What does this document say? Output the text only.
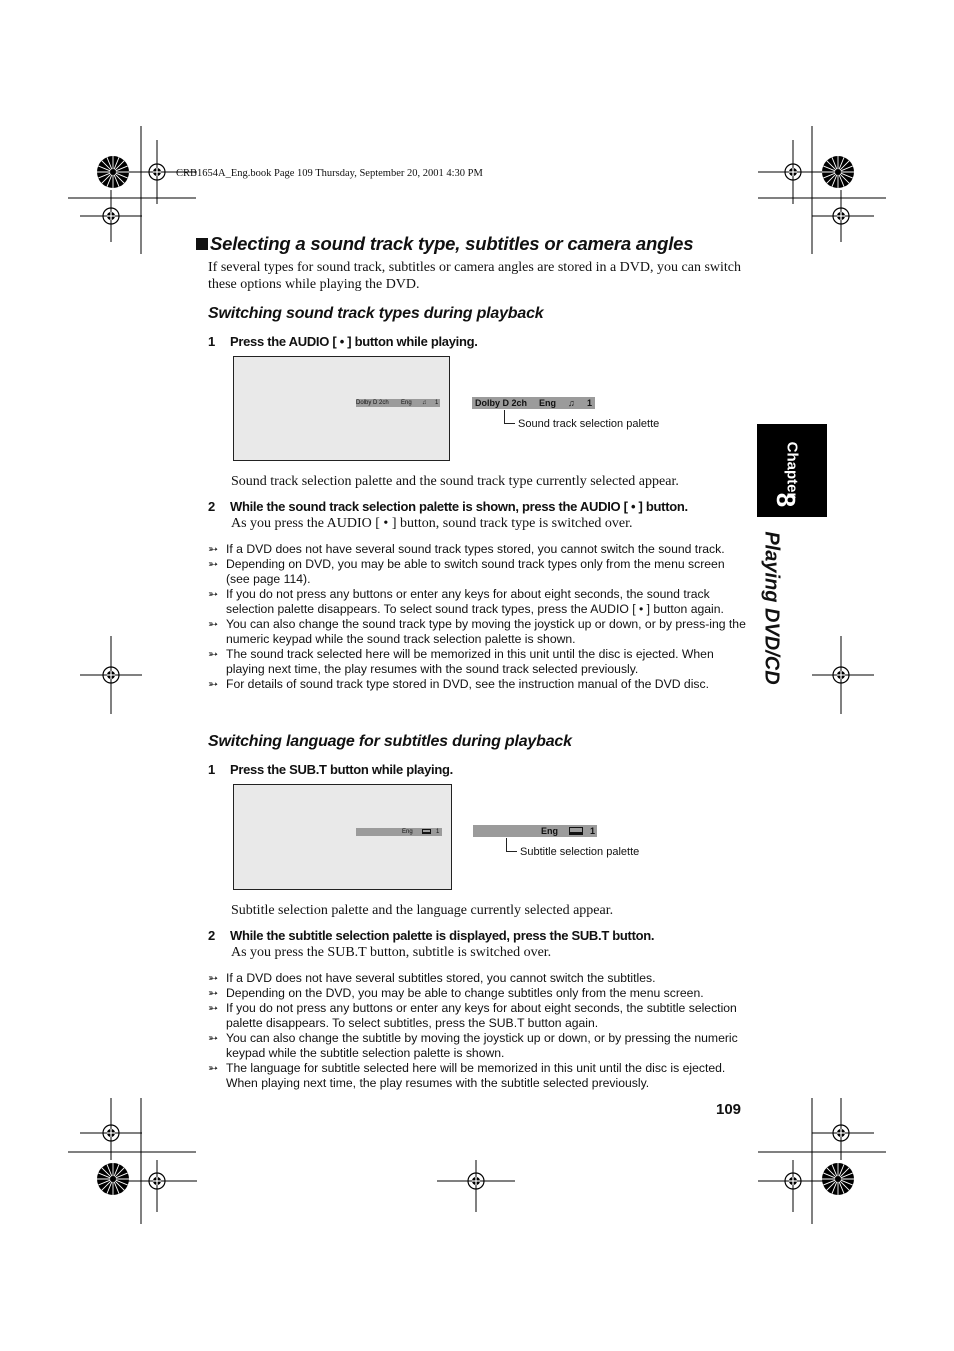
CRB1654A_Eng.book Page 109 Thursday, September 20, 2001 4:30 PM
Selecting a sound track type, subtitles or camera angles
If several types for sound track, subtitles or camera angles are stored in a DVD, you can switch these options while playing the DVD.
Switching sound track types during playback
1 Press the AUDIO [ • ] button while playing.
Dolby D 2ch Eng ♫ 1	Dolby D 2ch Eng ♫ 1
Sound track selection palette
Sound track selection palette and the sound track type currently selected appear.
2 While the sound track selection palette is shown, press the AUDIO [ • ] button.
As you press the AUDIO [ • ] button, sound track type is switched over.
➳ If a DVD does not have several sound track types stored, you cannot switch the sound track.
➳ Depending on DVD, you may be able to switch sound track types only from the menu screen (see page 114).
➳ If you do not press any buttons or enter any keys for about eight seconds, the sound track selection palette disappears. To select sound track types, press the AUDIO [ • ] button again.
➳ You can also change the sound track type by moving the joystick up or down, or by press-ing the numeric keypad while the sound track selection palette is shown.
➳ The sound track selected here will be memorized in this unit until the disc is ejected. When playing next time, the play resumes with the sound track selected previously.
➳ For details of sound track type stored in DVD, see the instruction manual of the DVD disc.
Switching language for subtitles during playback
1 Press the SUB.T button while playing.
Eng	1	Eng	1
Subtitle selection palette
Subtitle selection palette and the language currently selected appear.
2 While the subtitle selection palette is displayed, press the SUB.T button.
As you press the SUB.T button, subtitle is switched over.
➳ If a DVD does not have several subtitles stored, you cannot switch the subtitles.
➳ Depending on the DVD, you may be able to change subtitles only from the menu screen.
➳ If you do not press any buttons or enter any keys for about eight seconds, the subtitle selection palette disappears. To select subtitles, press the SUB.T button again.
➳ You can also change the subtitle by moving the joystick up or down, or by pressing the numeric keypad while the subtitle selection palette is shown.
➳ The language for subtitle selected here will be memorized in this unit until the disc is ejected. When playing next time, the play resumes with the subtitle selected previously.
Chapter
8
Playing DVD/CD
109
